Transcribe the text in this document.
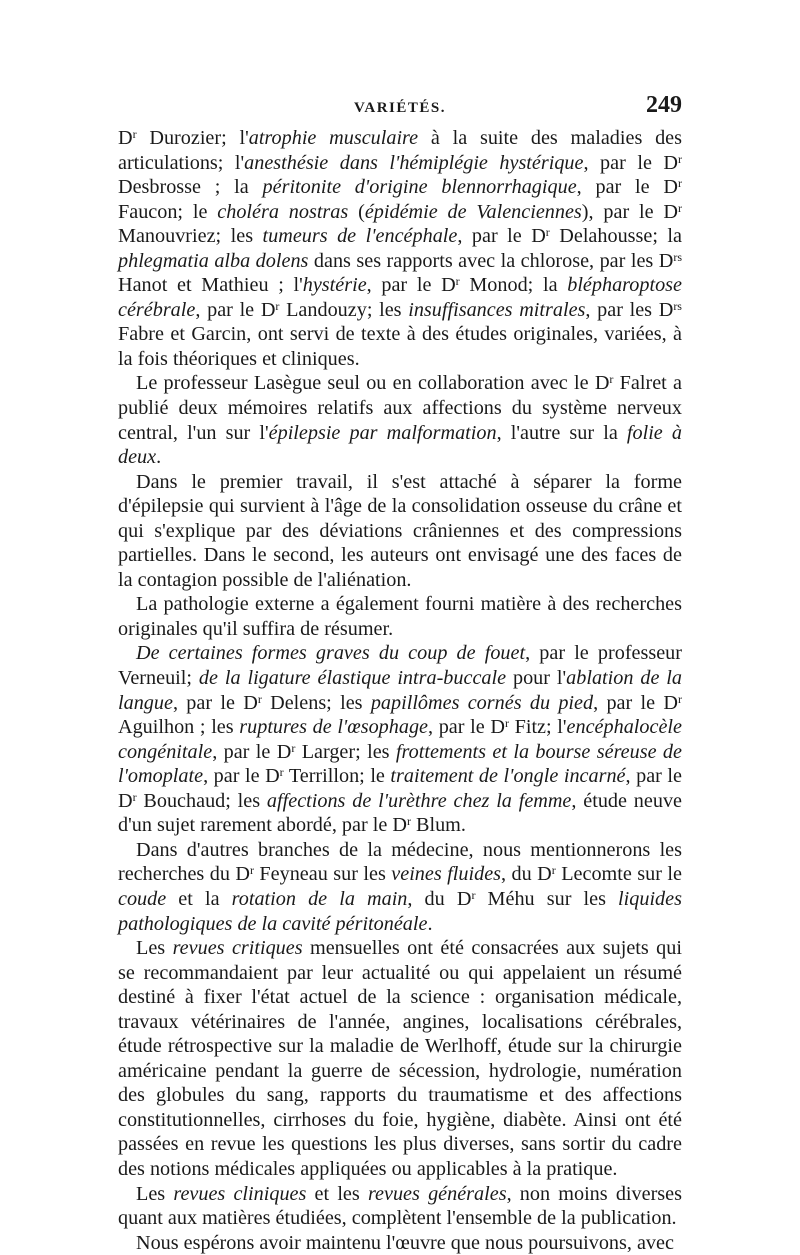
VARIÉTÉS.	249

$D^r$ Durozier; l'atrophie musculaire à la suite des maladies des articulations; l'anesthésie dans l'hémiplégie hystérique, par le $D^r$ Desbrosse ; la péritonite d'origine blennorrhagique, par le $D^r$ Faucon; le choléra nostras (épidémie de Valenciennes), par le $D^r$ Manouvriez; les tumeurs de l'encéphale, par le $D^r$ Delahousse; la phlegmatia alba dolens dans ses rapports avec la chlorose, par les $D^{rs}$ Hanot et Mathieu ; l'hystérie, par le $D^r$ Monod; la blépharoptose cérébrale, par le $D^r$ Landouzy; les insuffisances mitrales, par les $D^{rs}$ Fabre et Garcin, ont servi de texte à des études originales, variées, à la fois théoriques et cliniques.

Le professeur Lasègue seul ou en collaboration avec le $D^r$ Falret a publié deux mémoires relatifs aux affections du système nerveux central, l'un sur l'épilepsie par malformation, l'autre sur la folie à deux.

Dans le premier travail, il s'est attaché à séparer la forme d'épilepsie qui survient à l'âge de la consolidation osseuse du crâne et qui s'explique par des déviations crâniennes et des compressions partielles. Dans le second, les auteurs ont envisagé une des faces de la contagion possible de l'aliénation.

La pathologie externe a également fourni matière à des recherches originales qu'il suffira de résumer.

De certaines formes graves du coup de fouet, par le professeur Verneuil; de la ligature élastique intra-buccale pour l'ablation de la langue, par le $D^r$ Delens; les papillômes cornés du pied, par le $D^r$ Aguilhon ; les ruptures de l'œsophage, par le $D^r$ Fitz; l'encéphalocèle congénitale, par le $D^r$ Larger; les frottements et la bourse séreuse de l'omoplate, par le $D^r$ Terrillon; le traitement de l'ongle incarné, par le $D^r$ Bouchaud; les affections de l'urèthre chez la femme, étude neuve d'un sujet rarement abordé, par le $D^r$ Blum.

Dans d'autres branches de la médecine, nous mentionnerons les recherches du $D^r$ Feyneau sur les veines fluides, du $D^r$ Lecomte sur le coude et la rotation de la main, du $D^r$ Méhu sur les liquides pathologiques de la cavité péritonéale.

Les revues critiques mensuelles ont été consacrées aux sujets qui se recommandaient par leur actualité ou qui appelaient un résumé destiné à fixer l'état actuel de la science : organisation médicale, travaux vétérinaires de l'année, angines, localisations cérébrales, étude rétrospective sur la maladie de Werlhoff, étude sur la chirurgie américaine pendant la guerre de sécession, hydrologie, numération des globules du sang, rapports du traumatisme et des affections constitutionnelles, cirrhoses du foie, hygiène, diabète. Ainsi ont été passées en revue les questions les plus diverses, sans sortir du cadre des notions médicales appliquées ou applicables à la pratique.

Les revues cliniques et les revues générales, non moins diverses quant aux matières étudiées, complètent l'ensemble de la publication.

Nous espérons avoir maintenu l'œuvre que nous poursuivons, avec
